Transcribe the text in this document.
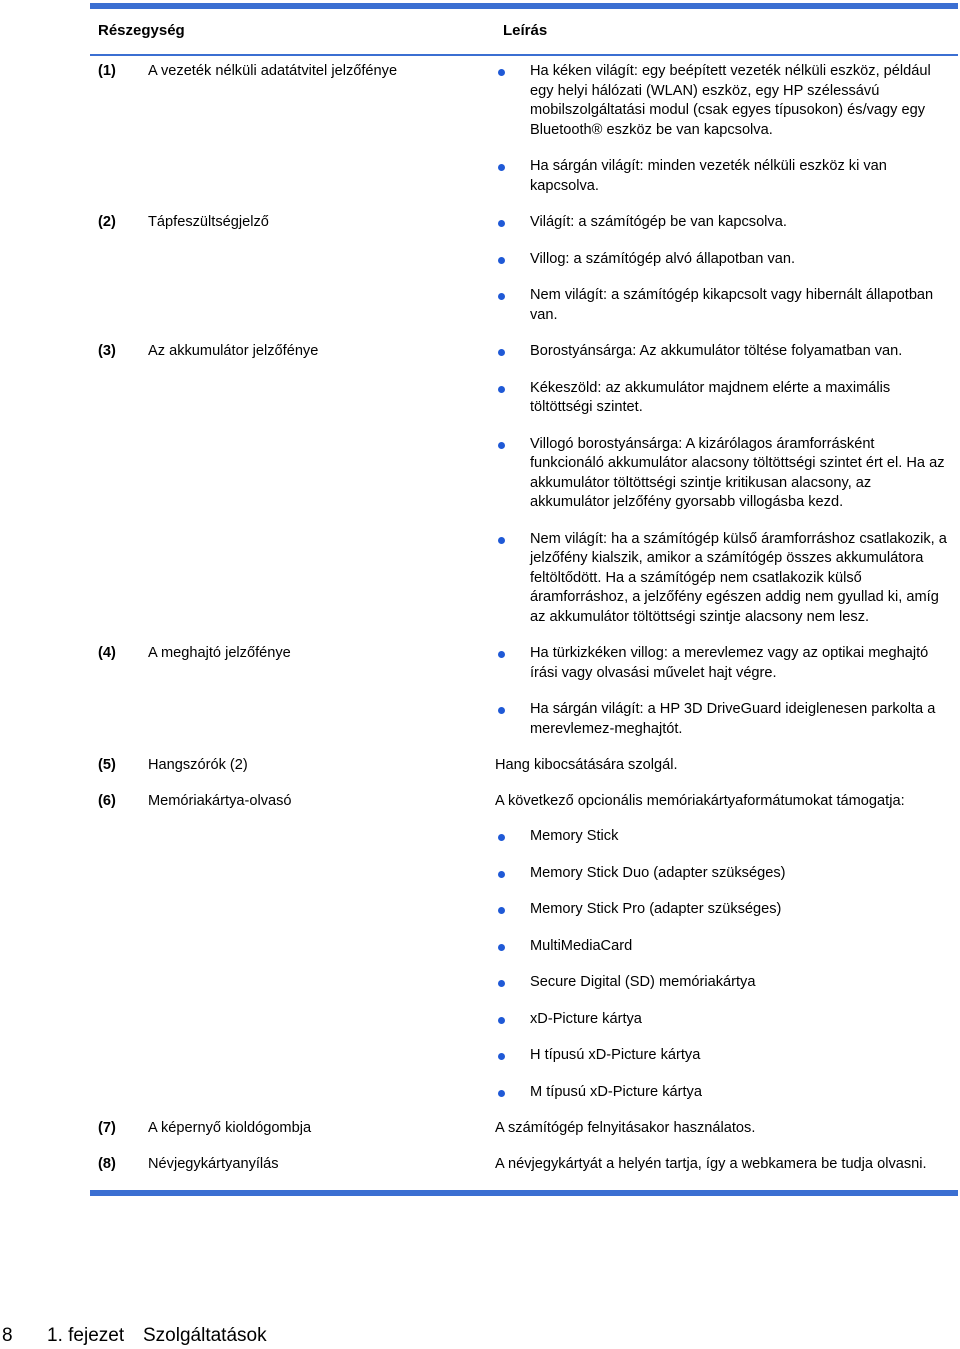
Részegység	Leírás
(1)	A vezeték nélküli adatátvitel jelzőfénye	Ha kéken világít: egy beépített vezeték nélküli eszköz, például egy helyi hálózati (WLAN) eszköz, egy HP szélessávú mobilszolgáltatási modul (csak egyes típusokon) és/vagy egy Bluetooth® eszköz be van kapcsolva.
Ha sárgán világít: minden vezeték nélküli eszköz ki van kapcsolva.
(2)	Tápfeszültségjelző	Világít: a számítógép be van kapcsolva.
Villog: a számítógép alvó állapotban van.
Nem világít: a számítógép kikapcsolt vagy hibernált állapotban van.
(3)	Az akkumulátor jelzőfénye	Borostyánsárga: Az akkumulátor töltése folyamatban van.
Kékeszöld: az akkumulátor majdnem elérte a maximális töltöttségi szintet.
Villogó borostyánsárga: A kizárólagos áramforrásként funkcionáló akkumulátor alacsony töltöttségi szintet ért el. Ha az akkumulátor töltöttségi szintje kritikusan alacsony, az akkumulátor jelzőfény gyorsabb villogásba kezd.
Nem világít: ha a számítógép külső áramforráshoz csatlakozik, a jelzőfény kialszik, amikor a számítógép összes akkumulátora feltöltődött. Ha a számítógép nem csatlakozik külső áramforráshoz, a jelzőfény egészen addig nem gyullad ki, amíg az akkumulátor töltöttségi szintje alacsony nem lesz.
(4)	A meghajtó jelzőfénye	Ha türkizkéken villog: a merevlemez vagy az optikai meghajtó írási vagy olvasási művelet hajt végre.
Ha sárgán világít: a HP 3D DriveGuard ideiglenesen parkolta a merevlemez-meghajtót.
(5)	Hangszórók (2)	Hang kibocsátására szolgál.
(6)	Memóriakártya-olvasó	A következő opcionális memóriakártyaformátumokat támogatja:
Memory Stick
Memory Stick Duo (adapter szükséges)
Memory Stick Pro (adapter szükséges)
MultiMediaCard
Secure Digital (SD) memóriakártya
xD-Picture kártya
H típusú xD-Picture kártya
M típusú xD-Picture kártya
(7)	A képernyő kioldógombja	A számítógép felnyitásakor használatos.
(8)	Névjegykártyanyílás	A névjegykártyát a helyén tartja, így a webkamera be tudja olvasni.
8 1. fejezet Szolgáltatások
